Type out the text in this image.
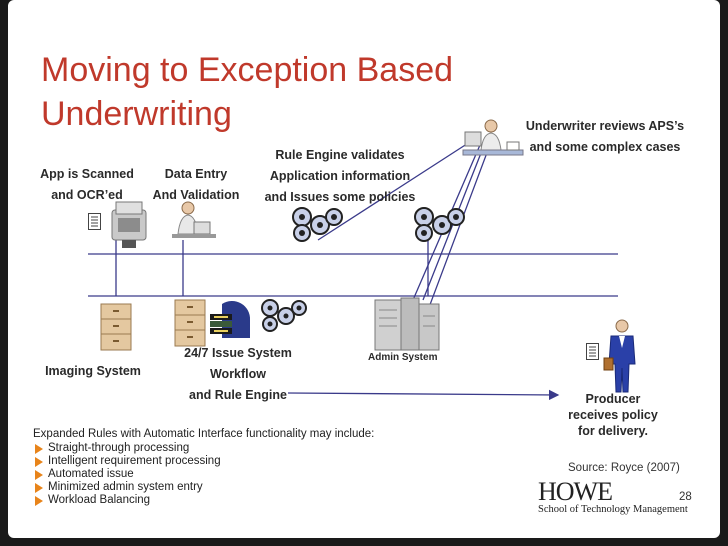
Moving to Exception Based
Underwriting
App is Scanned
and OCR’ed
Data Entry
And Validation
Rule Engine validates
Application information
and Issues some policies
Underwriter reviews APS’s
and some complex cases
Imaging System
24/7 Issue System
Workflow
and Rule Engine
Admin System
Producer
receives policy
for delivery.
Expanded Rules with Automatic Interface functionality may include:
Straight-through processing
Intelligent requirement processing
Automated issue
Minimized admin system entry
Workload Balancing
Source: Royce (2007)
HOWE
School of Technology Management
28
